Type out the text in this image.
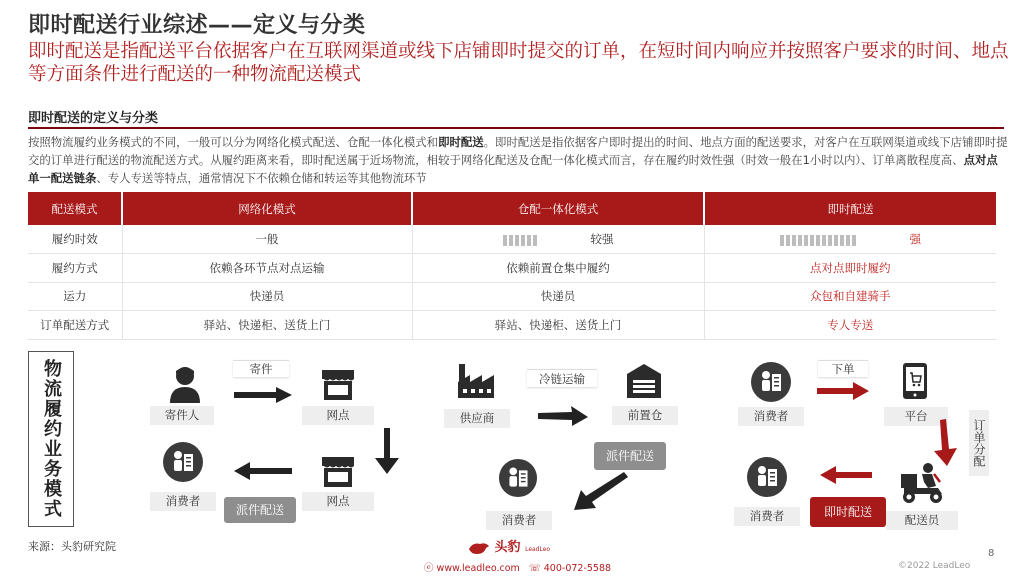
即时配送行业综述——定义与分类
即时配送是指配送平台依据客户在互联网渠道或线下店铺即时提交的订单，在短时间内响应并按照客户要求的时间、地点等方面条件进行配送的一种物流配送模式
即时配送的定义与分类
按照物流履约业务模式的不同，一般可以分为网络化模式配送、仓配一体化模式和即时配送。即时配送是指依据客户即时提出的时间、地点方面的配送要求，对客户在互联网渠道或线下店铺即时提交的订单进行配送的物流配送方式。从履约距离来看，即时配送属于近场物流，相较于网络化配送及仓配一体化模式而言，存在履约时效性强（时效一般在1小时以内）、订单离散程度高、点对点单一配送链条、专人专送等特点，通常情况下不依赖仓储和转运等其他物流环节
配送模式	网络化模式	仓配一体化模式	即时配送
履约时效	一般	较强	强
履约方式	依赖各环节点对点运输	依赖前置仓集中履约	点对点即时履约
运力	快递员	快递员	众包和自建骑手
订单配送方式	驿站、快递柜、送货上门	驿站、快递柜、送货上门	专人专送
物流履约业务模式	寄件人
寄件
网点
网点
消费者
派件配送
供应商
冷链运输
前置仓
派件配送
消费者
消费者
下单
平台
订单分配
配送员
消费者	即时配送
来源：头豹研究院	头豹 LeadLeo
ⓔ www.leadleo.com ☏ 400-072-5588
8
©2022 LeadLeo
